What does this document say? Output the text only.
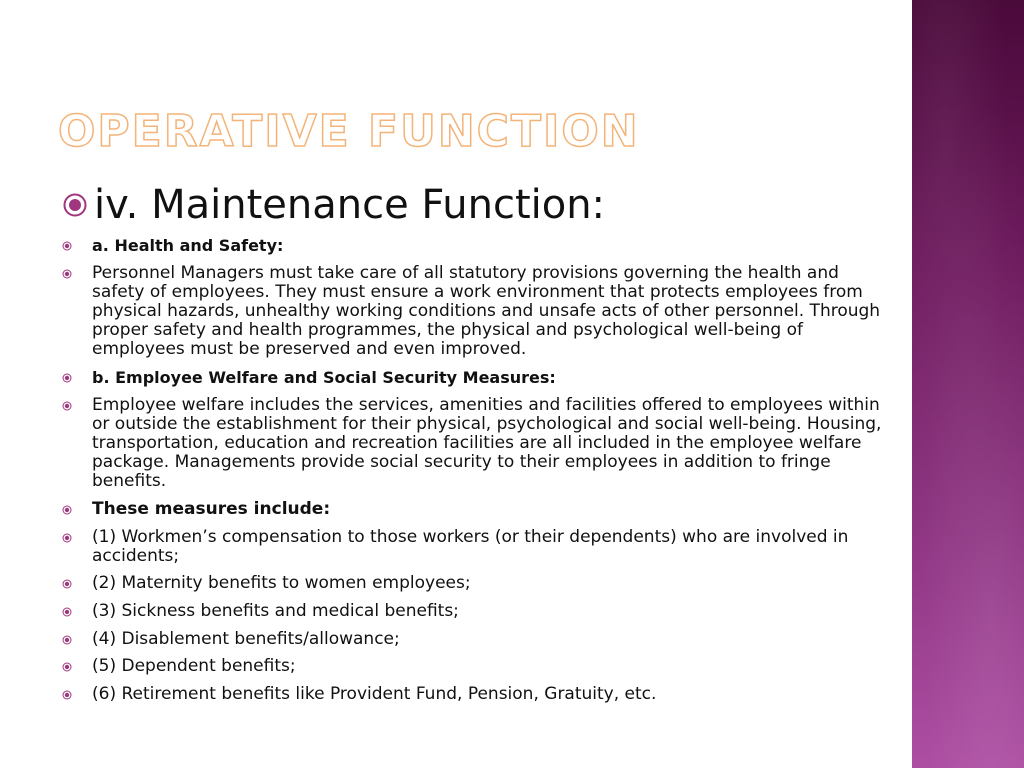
OPERATIVE FUNCTION
iv. Maintenance Function:
a. Health and Safety:
Personnel Managers must take care of all statutory provisions governing the health and safety of employees. They must ensure a work environment that protects employees from physical hazards, unhealthy working conditions and unsafe acts of other personnel. Through proper safety and health programmes, the physical and psychological well-being of employees must be preserved and even improved.
b. Employee Welfare and Social Security Measures:
Employee welfare includes the services, amenities and facilities offered to employees within or outside the establishment for their physical, psychological and social well-being. Housing, transportation, education and recreation facilities are all included in the employee welfare package. Managements provide social security to their employees in addition to fringe benefits.
These measures include:
(1) Workmen’s compensation to those workers (or their dependents) who are involved in accidents;
(2) Maternity benefits to women employees;
(3) Sickness benefits and medical benefits;
(4) Disablement benefits/allowance;
(5) Dependent benefits;
(6) Retirement benefits like Provident Fund, Pension, Gratuity, etc.
